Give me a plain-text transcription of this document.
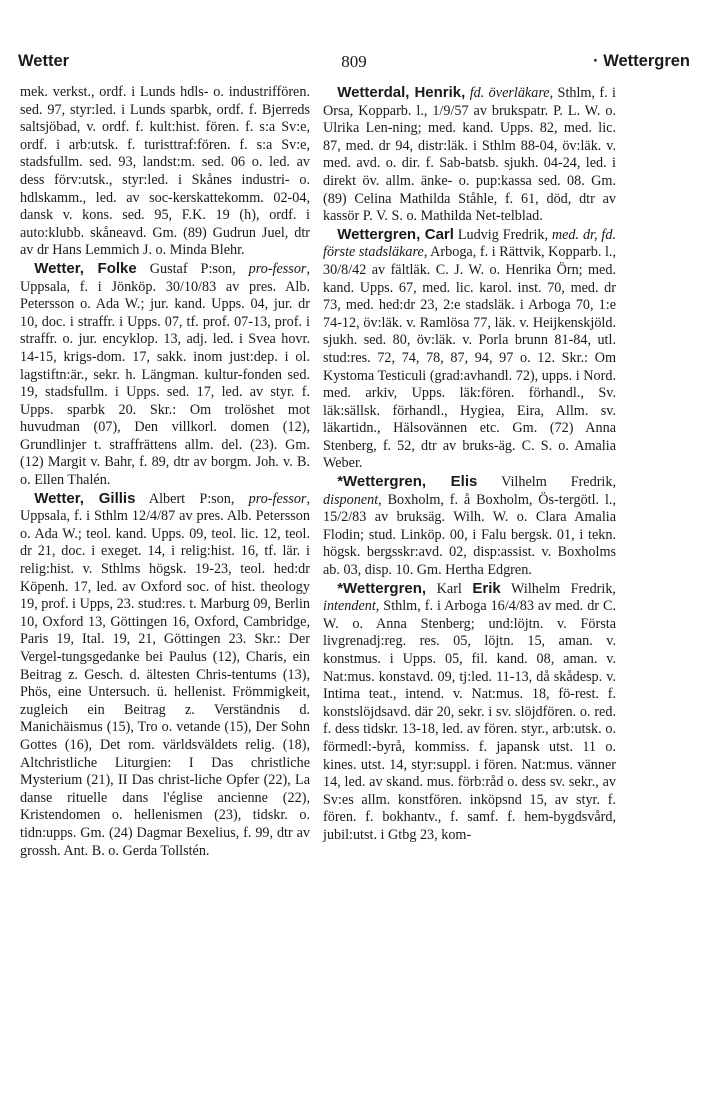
Wetter	809	· Wettergren

mek. verkst., ordf. i Lunds hdls- o. industriffören. sed. 97, styr:led. i Lunds sparbk, ordf. f. Bjerreds saltsjöbad, v. ordf. f. kult:hist. fören. f. s:a Sv:e, ordf. i arb:utsk. f. turisttraf:fören. f. s:a Sv:e, stadsfullm. sed. 93, landst:m. sed. 06 o. led. av dess förv:utsk., styr:led. i Skånes industri- o. hdlskamm., led. av soc-kerskattekomm. 02-04, dansk v. kons. sed. 95, F.K. 19 (h), ordf. i auto:klubb. skåneavd. Gm. (89) Gudrun Juel, dtr av dr Hans Lemmich J. o. Minda Blehr.

 Wetter, Folke Gustaf P:son, pro-fessor, Uppsala, f. i Jönköp. 30/10/83 av pres. Alb. Petersson o. Ada W.; jur. kand. Upps. 04, jur. dr 10, doc. i straffr. i Upps. 07, tf. prof. 07-13, prof. i straffr. o. jur. encyklop. 13, adj. led. i Svea hovr. 14-15, krigs-dom. 17, sakk. inom just:dep. i ol. lagstiftn:är., sekr. h. Längman. kultur-fonden sed. 19, stadsfullm. i Upps. sed. 17, led. av styr. f. Upps. sparbk 20. Skr.: Om trolöshet mot huvudman (07), Den villkorl. domen (12), Grundlinjer t. straffrättens allm. del. (23). Gm. (12) Margit v. Bahr, f. 89, dtr av borgm. Joh. v. B. o. Ellen Thalén.

 Wetter, Gillis Albert P:son, pro-fessor, Uppsala, f. i Sthlm 12/4/87 av pres. Alb. Petersson o. Ada W.; teol. kand. Upps. 09, teol. lic. 12, teol. dr 21, doc. i exeget. 14, i relig:hist. 16, tf. lär. i relig:hist. v. Sthlms högsk. 19-23, teol. hed:dr Köpenh. 17, led. av Oxford soc. of hist. theology 19, prof. i Upps, 23. stud:res. t. Marburg 09, Berlin 10, Oxford 13, Göttingen 16, Oxford, Cambridge, Paris 19, Ital. 19, 21, Göttingen 23. Skr.: Der Vergel-tungsgedanke bei Paulus (12), Charis, ein Beitrag z. Gesch. d. ältesten Chris-tentums (13), Phös, eine Untersuch. ü. hellenist. Frömmigkeit, zugleich ein Beitrag z. Verständnis d. Manichäismus (15), Tro o. vetande (15), Der Sohn Gottes (16), Det rom. världsväldets relig. (18), Altchristliche Liturgien: I Das christliche Mysterium (21), II Das christ-liche Opfer (22), La danse rituelle dans l'église ancienne (22), Kristendomen o. hellenismen (23), tidskr. o. tidn:upps. Gm. (24) Dagmar Bexelius, f. 99, dtr av grossh. Ant. B. o. Gerda Tollstén.

 Wetterdal, Henrik, fd. överläkare, Sthlm, f. i Orsa, Kopparb. l., 1/9/57 av brukspatr. P. L. W. o. Ulrika Len-ning; med. kand. Upps. 82, med. lic. 87, med. dr 94, distr:läk. i Sthlm 88-04, öv:läk. v. med. avd. o. dir. f. Sab-batsb. sjukh. 04-24, led. i direkt öv. allm. änke- o. pup:kassa sed. 08. Gm. (89) Celina Mathilda Ståhle, f. 61, död, dtr av kassör P. V. S. o. Mathilda Net-telblad.

 Wettergren, Carl Ludvig Fredrik, med. dr, fd. förste stadsläkare, Arboga, f. i Rättvik, Kopparb. l., 30/8/42 av fältläk. C. J. W. o. Henrika Örn; med. kand. Upps. 67, med. lic. karol. inst. 70, med. dr 73, med. hed:dr 23, 2:e stadsläk. i Arboga 70, 1:e 74-12, öv:läk. v. Ramlösa 77, läk. v. Heijkenskjöld. sjukh. sed. 80, öv:läk. v. Porla brunn 81-84, utl. stud:res. 72, 74, 78, 87, 94, 97 o. 12. Skr.: Om Kystoma Testiculi (grad:avhandl. 72), upps. i Nord. med. arkiv, Upps. läk:fören. förhandl., Sv. läk:sällsk. förhandl., Hygiea, Eira, Allm. sv. läkartidn., Hälsovännen etc. Gm. (72) Anna Stenberg, f. 52, dtr av bruks-äg. C. S. o. Amalia Weber.

 *Wettergren, Elis Vilhelm Fredrik, disponent, Boxholm, f. å Boxholm, Ös-tergötl. l., 15/2/83 av bruksäg. Wilh. W. o. Clara Amalia Flodin; stud. Linköp. 00, i Falu bergsk. 01, i tekn. högsk. bergsskr:avd. 02, disp:assist. v. Boxholms ab. 03, disp. 10. Gm. Hertha Edgren.

 *Wettergren, Karl Erik Wilhelm Fredrik, intendent, Sthlm, f. i Arboga 16/4/83 av med. dr C. W. o. Anna Stenberg; und:löjtn. v. Första livgrenadj:reg. res. 05, löjtn. 15, aman. v. konstmus. i Upps. 05, fil. kand. 08, aman. v. Nat:mus. konstavd. 09, tj:led. 11-13, då skådesp. v. Intima teat., intend. v. Nat:mus. 18, fö-rest. f. konstslöjdsavd. där 20, sekr. i sv. slöjdfören. o. red. f. dess tidskr. 13-18, led. av fören. styr., arb:utsk. o. förmedl:-byrå, kommiss. f. japansk utst. 11 o. kines. utst. 14, styr:suppl. i fören. Nat:mus. vänner 14, led. av skand. mus. förb:råd o. dess sv. sekr., av Sv:es allm. konstfören. inköpsnd 15, av styr. f. fören. f. bokhantv., f. samf. f. hem-bygdsvård, jubil:utst. i Gtbg 23, kom-
